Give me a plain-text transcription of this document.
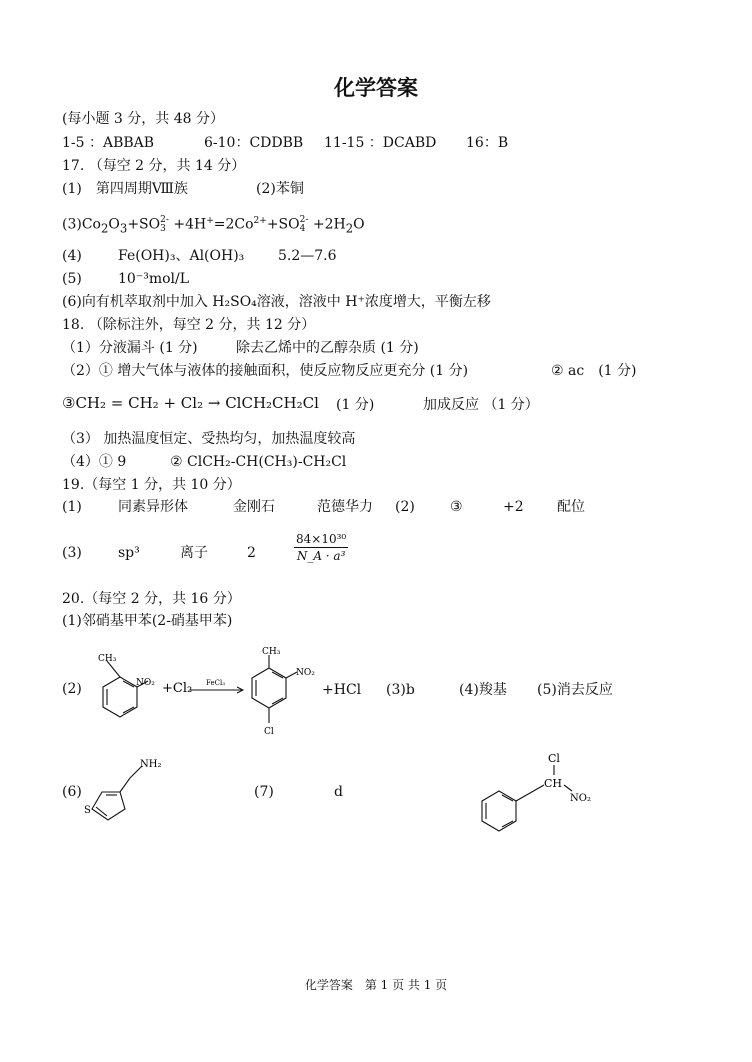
化学答案
(每小题 3 分，共 48 分）
1-5 ：ABBAB	6-10：CDDBB 11-15 ：DCABD 16：B
17. （每空 2 分，共 14 分）
(1)　第四周期Ⅷ族	(2)苯铜
$(3)Co_2O_3+SO$ 2-
$3 +4H^+=2Co^{2+}+SO$ 2-
$4 +2H_2O$
(4)	Fe(OH)₃、Al(OH)₃ 5.2—7.6
(5)	10⁻³mol/L
(6)向有机萃取剂中加入 H₂SO₄溶液，溶液中 H⁺浓度增大，平衡左移
18. （除标注外，每空 2 分，共 12 分）
（1）分液漏斗 (1 分)	除去乙烯中的乙醇杂质 (1 分)
（2）① 增大气体与液体的接触面积，使反应物反应更充分 (1 分)	② ac　(1 分)
③CH₂ = CH₂ + Cl₂ → ClCH₂CH₂Cl (1 分)	加成反应 （1 分）
（3） 加热温度恒定、受热均匀，加热温度较高
（4）① 9	② ClCH₂-CH(CH₃)-CH₂Cl
19.（每空 1 分，共 10 分）
(1)	同素异形体	金刚石	范德华力 (2)	③	+2 配位
(3)	sp³	离子	2	$\frac{\text{84×10³⁰}}{\text{N\_A · a³}}$
20.（每空 2 分，共 16 分）
(1)邻硝基甲苯(2-硝基甲苯)
(2)
CH₃
NO₂ +Cl₂ FeCl₃
CH₃
NO₂
Cl
+HCl (3)b	(4)羧基 (5)消去反应
(6)
S
NH₂
(7)	d
Cl
CH
NO₂
化学答案　第 1 页 共 1 页
